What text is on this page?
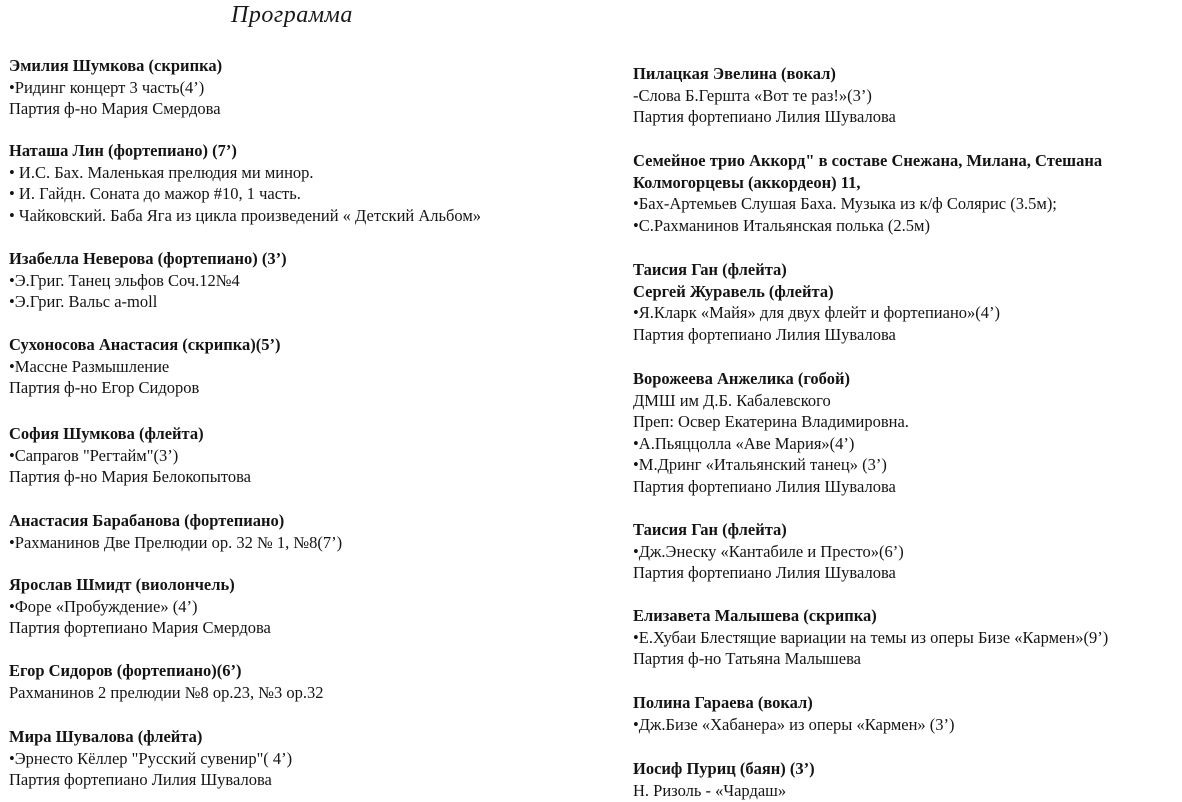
Программа
Эмилия Шумкова (скрипка)
•Ридинг концерт 3 часть(4’)
Партия ф-но Мария Смердова
Наташа Лин (фортепиано) (7’)
• И.С. Бах. Маленькая прелюдия ми минор.
• И. Гайдн. Соната до мажор #10, 1 часть.
• Чайковский. Баба Яга из цикла произведений « Детский Альбом»
Изабелла Неверова (фортепиано) (3’)
•Э.Григ. Танец эльфов Соч.12№4
•Э.Григ. Вальс a-moll
Сухоносова Анастасия (скрипка)(5’)
•Массне Размышление
Партия ф-но Егор Сидоров
София Шумкова (флейта)
•Сапparов "Регтайм"(3’)
Партия ф-но Мария Белокопытова
Анастасия Барабанова (фортепиано)
•Рахманинов Две Прелюдии ор. 32 № 1, №8(7’)
Ярослав Шмидт (виолончель)
•Форе «Пробуждение» (4’)
Партия фортепиано Мария Смердова
Егор Сидоров (фортепиано)(6’)
Рахманинов 2 прелюдии №8 op.23, №3 op.32
Мира Шувалова (флейта)
•Эрнесто Кёллер "Русский сувенир"( 4’)
Партия фортепиано Лилия Шувалова
Пилацкая Эвелина (вокал)
-Слова Б.Гершта «Вот те раз!»(3’)
Партия фортепиано Лилия Шувалова
Семейное трио Аккорд" в составе Снежана, Милана, Стешана
Колмогорцевы (аккордеон) 11,
•Бах-Артемьев Слушая Баха. Музыка из к/ф Солярис (3.5м);
•С.Рахманинов Итальянская полька (2.5м)
Таисия Ган (флейта)
Сергей Журавель (флейта)
•Я.Кларк «Майя» для двух флейт и фортепиано»(4’)
Партия фортепиано Лилия Шувалова
Ворожеева Анжелика (гобой)
ДМШ им Д.Б. Кабалевского
Преп: Освер Екатерина Владимировна.
•А.Пьяццолла «Аве Мария»(4’)
•М.Дринг «Итальянский танец» (3’)
Партия фортепиано Лилия Шувалова
Таисия Ган (флейта)
•Дж.Энеску «Кантабиле и Престо»(6’)
Партия фортепиано Лилия Шувалова
Елизавета Малышева (скрипка)
•Е.Хубаи Блестящие вариации на темы из оперы Бизе «Кармен»(9’)
Партия ф-но Татьяна Малышева
Полина Гараева (вокал)
•Дж.Бизе «Хабанера» из оперы «Кармен» (3’)
Иосиф Пуриц (баян) (3’)
Н. Ризоль - «Чардаш»
